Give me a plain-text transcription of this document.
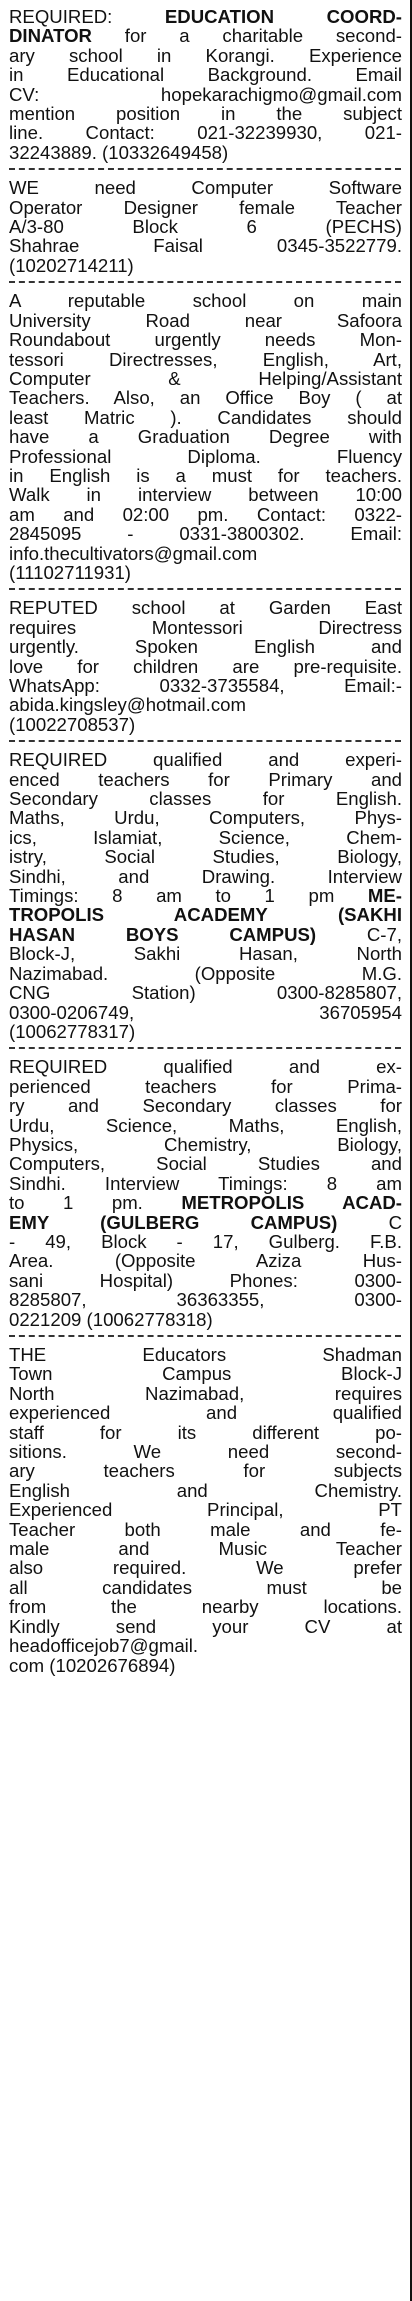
REQUIRED: EDUCATION COORD-
DINATOR for a charitable second-
ary school in Korangi. Experience
in Educational Background. Email
CV: hopekarachigmo@gmail.com
mention position in the subject
line. Contact: 021-32239930, 021-
32243889. (10332649458)
WE need Computer Software
Operator Designer female Teacher
A/3-80 Block 6 (PECHS)
Shahrae Faisal 0345-3522779.
(10202714211)
A reputable school on main
University Road near Safoora
Roundabout urgently needs Mon-
tessori Directresses, English, Art,
Computer & Helping/Assistant
Teachers. Also, an Office Boy ( at
least Matric ). Candidates should
have a Graduation Degree with
Professional Diploma. Fluency
in English is a must for teachers.
Walk in interview between 10:00
am and 02:00 pm. Contact: 0322-
2845095 - 0331-3800302. Email:
info.thecultivators@gmail.com
(11102711931)
REPUTED school at Garden East
requires Montessori Directress
urgently. Spoken English and
love for children are pre-requisite.
WhatsApp: 0332-3735584, Email:-
abida.kingsley@hotmail.com
(10022708537)
REQUIRED qualified and experi-
enced teachers for Primary and
Secondary classes for English.
Maths, Urdu, Computers, Phys-
ics, Islamiat, Science, Chem-
istry, Social Studies, Biology,
Sindhi, and Drawing. Interview
Timings: 8 am to 1 pm ME-
TROPOLIS ACADEMY (SAKHI
HASAN BOYS CAMPUS) C-7,
Block-J, Sakhi Hasan, North
Nazimabad. (Opposite M.G.
CNG Station) 0300-8285807,
0300-0206749, 36705954
(10062778317)
REQUIRED qualified and ex-
perienced teachers for Prima-
ry and Secondary classes for
Urdu, Science, Maths, English,
Physics, Chemistry, Biology,
Computers, Social Studies and
Sindhi. Interview Timings: 8 am
to 1 pm. METROPOLIS ACAD-
EMY (GULBERG CAMPUS) C
- 49, Block - 17, Gulberg. F.B.
Area. (Opposite Aziza Hus-
sani Hospital) Phones: 0300-
8285807, 36363355, 0300-
0221209 (10062778318)
THE Educators Shadman
Town Campus Block-J
North Nazimabad, requires
experienced and qualified
staff for its different po-
sitions. We need second-
ary teachers for subjects
English and Chemistry.
Experienced Principal, PT
Teacher both male and fe-
male and Music Teacher
also required. We prefer
all candidates must be
from the nearby locations.
Kindly send your CV at
headofficejob7@gmail.
com (10202676894)
